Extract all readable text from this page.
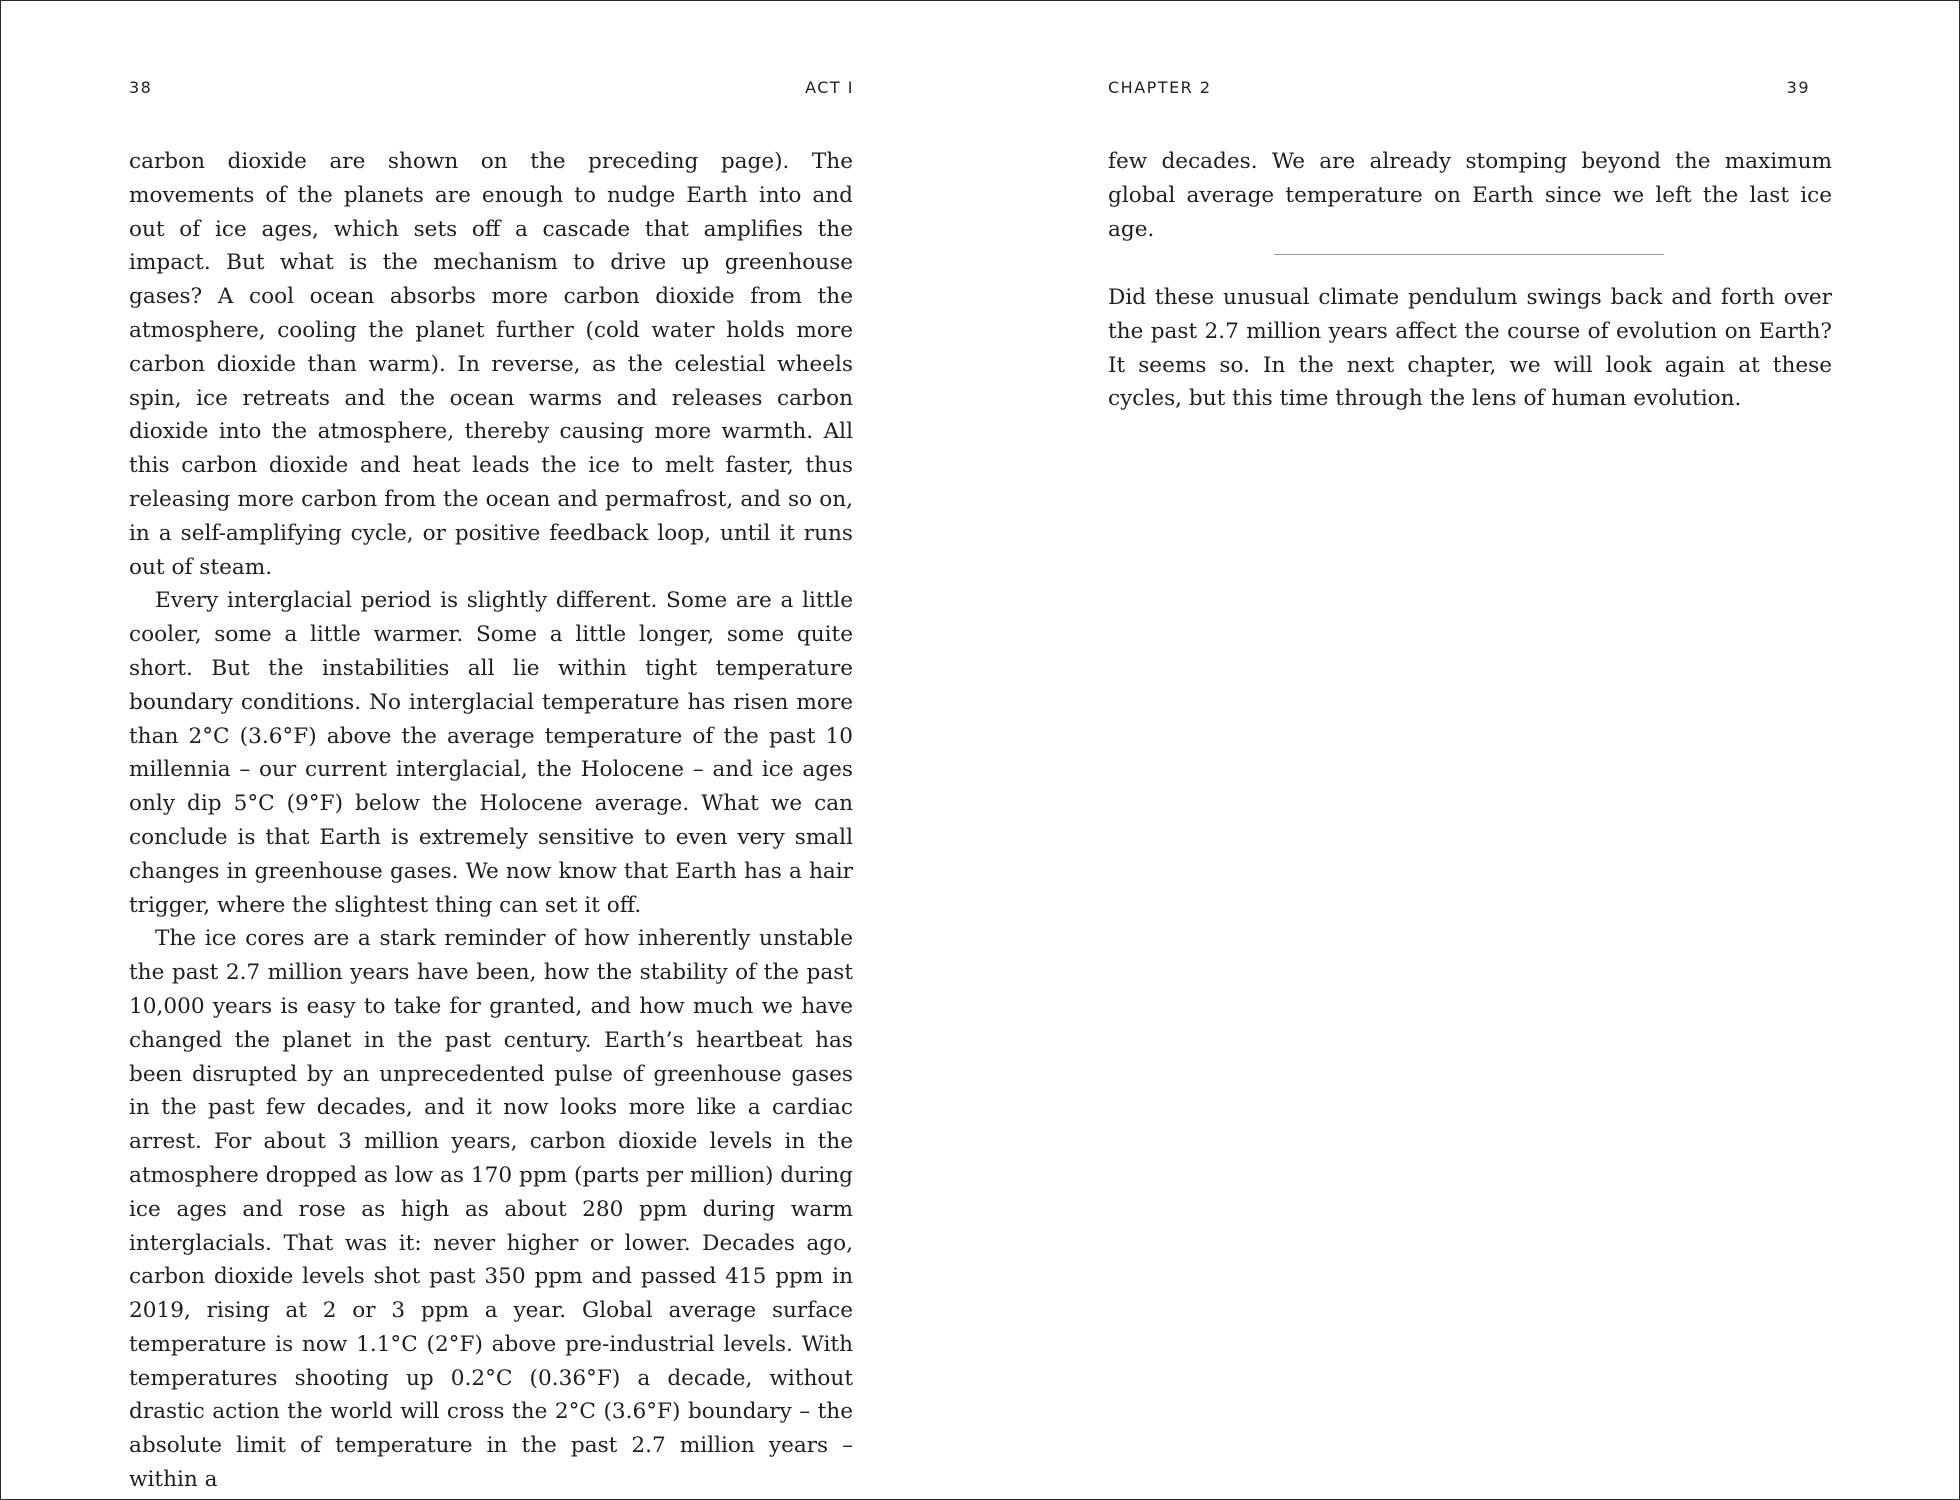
38	ACT I

carbon dioxide are shown on the preceding page). The movements of the planets are enough to nudge Earth into and out of ice ages, which sets off a cascade that amplifies the impact. But what is the mechanism to drive up greenhouse gases? A cool ocean absorbs more carbon dioxide from the atmosphere, cooling the planet further (cold water holds more carbon dioxide than warm). In reverse, as the celestial wheels spin, ice retreats and the ocean warms and releases carbon dioxide into the atmosphere, thereby causing more warmth. All this carbon dioxide and heat leads the ice to melt faster, thus releasing more carbon from the ocean and permafrost, and so on, in a self-amplifying cycle, or positive feedback loop, until it runs out of steam.

Every interglacial period is slightly different. Some are a little cooler, some a little warmer. Some a little longer, some quite short. But the instabilities all lie within tight temperature boundary conditions. No interglacial temperature has risen more than 2°C (3.6°F) above the average temperature of the past 10 millennia – our current interglacial, the Holocene – and ice ages only dip 5°C (9°F) below the Holocene average. What we can conclude is that Earth is extremely sensitive to even very small changes in greenhouse gases. We now know that Earth has a hair trigger, where the slightest thing can set it off.

The ice cores are a stark reminder of how inherently unstable the past 2.7 million years have been, how the stability of the past 10,000 years is easy to take for granted, and how much we have changed the planet in the past century. Earth’s heartbeat has been disrupted by an unprecedented pulse of greenhouse gases in the past few decades, and it now looks more like a cardiac arrest. For about 3 million years, carbon dioxide levels in the atmosphere dropped as low as 170 ppm (parts per million) during ice ages and rose as high as about 280 ppm during warm interglacials. That was it: never higher or lower. Decades ago, carbon dioxide levels shot past 350 ppm and passed 415 ppm in 2019, rising at 2 or 3 ppm a year. Global average surface temperature is now 1.1°C (2°F) above pre-industrial levels. With temperatures shooting up 0.2°C (0.36°F) a decade, without drastic action the world will cross the 2°C (3.6°F) boundary – the absolute limit of temperature in the past 2.7 million years – within a

CHAPTER 2	39

few decades. We are already stomping beyond the maximum global average temperature on Earth since we left the last ice age.

Did these unusual climate pendulum swings back and forth over the past 2.7 million years affect the course of evolution on Earth? It seems so. In the next chapter, we will look again at these cycles, but this time through the lens of human evolution.
